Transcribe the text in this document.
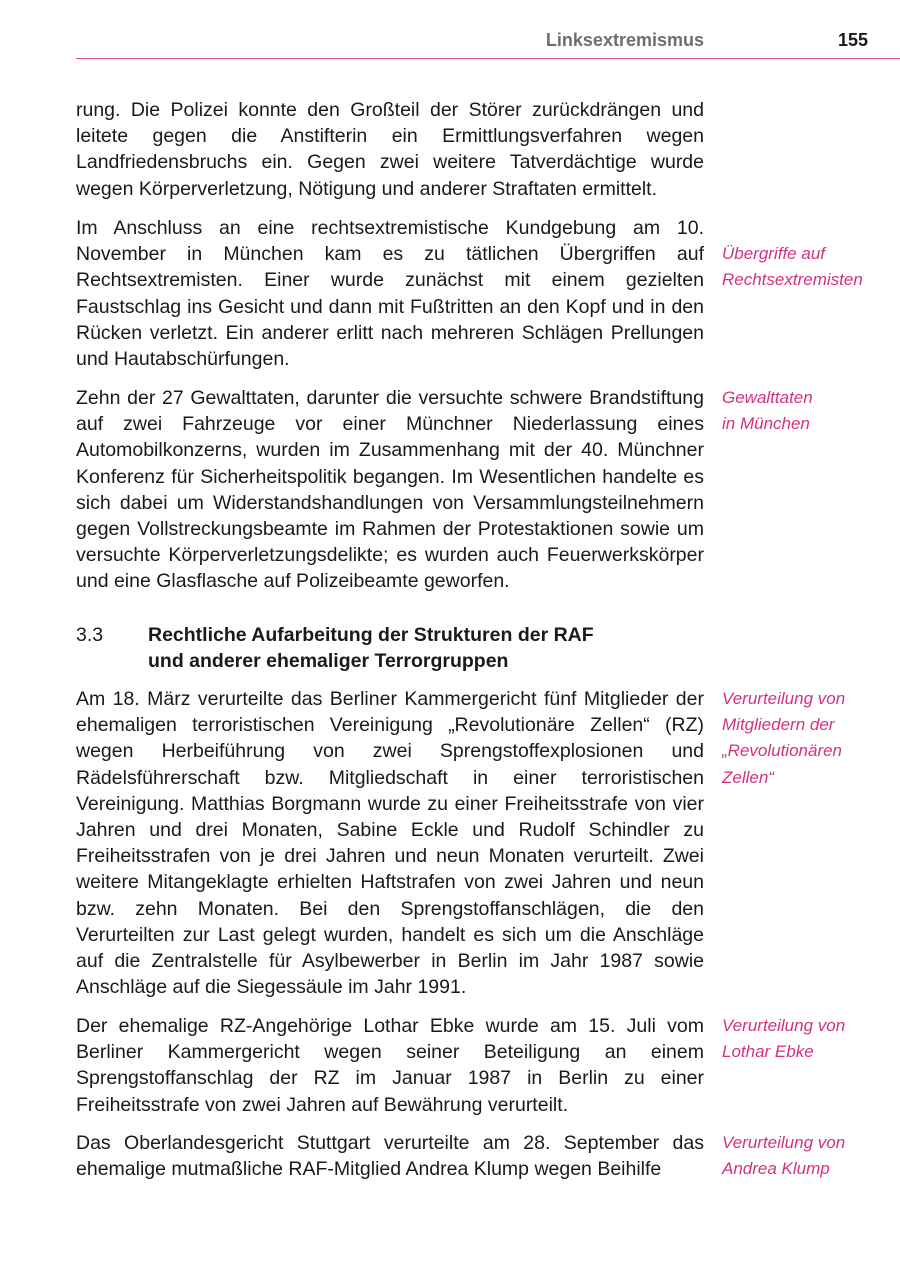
Linksextremismus	155
rung. Die Polizei konnte den Großteil der Störer zurückdrängen und leitete gegen die Anstifterin ein Ermittlungsverfahren wegen Landfriedensbruchs ein. Gegen zwei weitere Tatverdächtige wurde wegen Körperverletzung, Nötigung und anderer Straftaten ermittelt.
Im Anschluss an eine rechtsextremistische Kundgebung am 10. November in München kam es zu tätlichen Übergriffen auf Rechtsextremisten. Einer wurde zunächst mit einem gezielten Faustschlag ins Gesicht und dann mit Fußtritten an den Kopf und in den Rücken verletzt. Ein anderer erlitt nach mehreren Schlägen Prellungen und Hautabschürfungen.
Übergriffe auf
Rechtsextremisten
Zehn der 27 Gewalttaten, darunter die versuchte schwere Brandstiftung auf zwei Fahrzeuge vor einer Münchner Niederlassung eines Automobilkonzerns, wurden im Zusammenhang mit der 40. Münchner Konferenz für Sicherheitspolitik begangen. Im Wesentlichen handelte es sich dabei um Widerstandshandlungen von Versammlungsteilnehmern gegen Vollstreckungsbeamte im Rahmen der Protestaktionen sowie um versuchte Körperverletzungsdelikte; es wurden auch Feuerwerkskörper und eine Glasflasche auf Polizeibeamte geworfen.
Gewalttaten
in München
3.3 Rechtliche Aufarbeitung der Strukturen der RAF
und anderer ehemaliger Terrorgruppen
Am 18. März verurteilte das Berliner Kammergericht fünf Mitglieder der ehemaligen terroristischen Vereinigung „Revolutionäre Zellen“ (RZ) wegen Herbeiführung von zwei Sprengstoffexplosionen und Rädelsführerschaft bzw. Mitgliedschaft in einer terroristischen Vereinigung. Matthias Borgmann wurde zu einer Freiheitsstrafe von vier Jahren und drei Monaten, Sabine Eckle und Rudolf Schindler zu Freiheitsstrafen von je drei Jahren und neun Monaten verurteilt. Zwei weitere Mitangeklagte erhielten Haftstrafen von zwei Jahren und neun bzw. zehn Monaten. Bei den Sprengstoffanschlägen, die den Verurteilten zur Last gelegt wurden, handelt es sich um die Anschläge auf die Zentralstelle für Asylbewerber in Berlin im Jahr 1987 sowie Anschläge auf die Siegessäule im Jahr 1991.
Verurteilung von
Mitgliedern der
„Revolutionären
Zellen“
Der ehemalige RZ-Angehörige Lothar Ebke wurde am 15. Juli vom Berliner Kammergericht wegen seiner Beteiligung an einem Sprengstoffanschlag der RZ im Januar 1987 in Berlin zu einer Freiheitsstrafe von zwei Jahren auf Bewährung verurteilt.
Verurteilung von
Lothar Ebke
Das Oberlandesgericht Stuttgart verurteilte am 28. September das ehemalige mutmaßliche RAF-Mitglied Andrea Klump wegen Beihilfe
Verurteilung von
Andrea Klump
